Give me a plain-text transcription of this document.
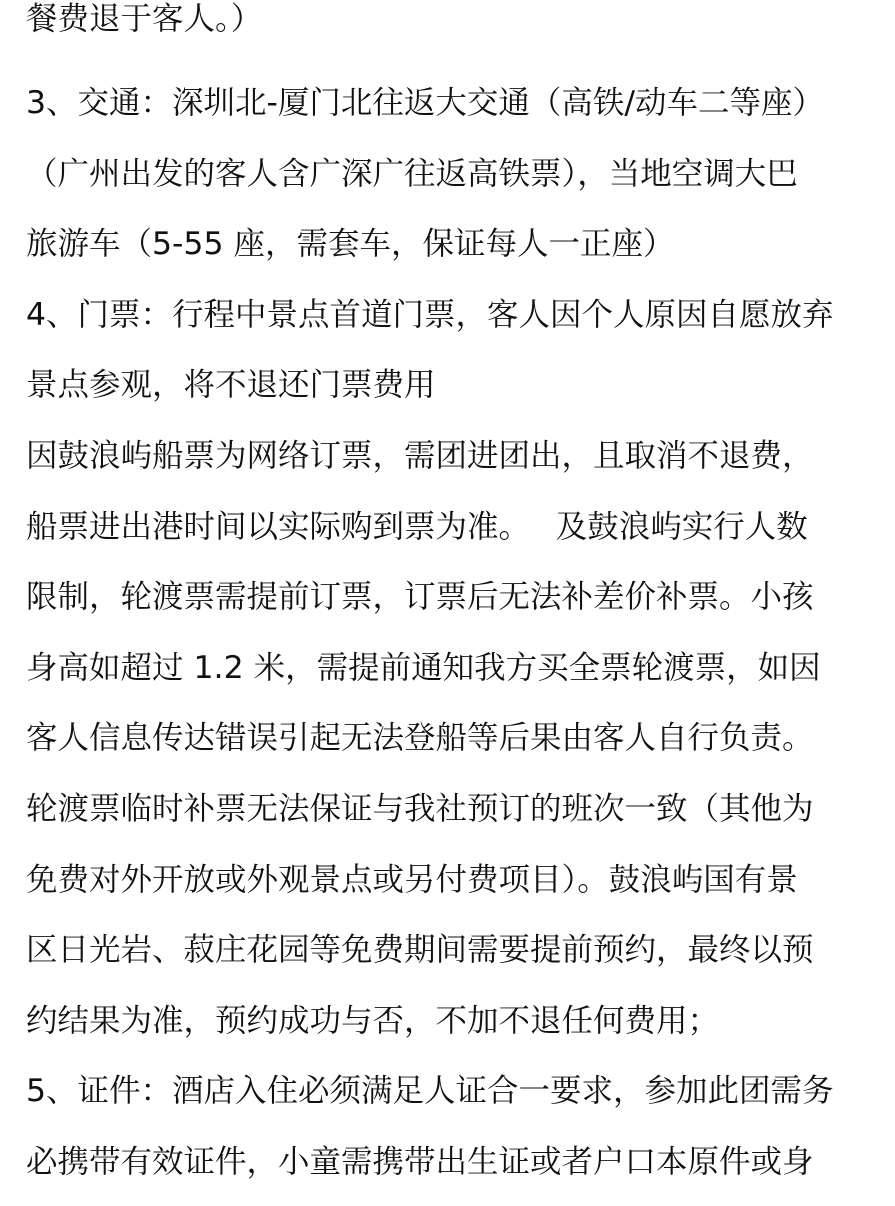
餐费退于客人。）
3、交通：深圳北-厦门北往返大交通（高铁/动车二等座）
（广州出发的客人含广深广往返高铁票），当地空调大巴
旅游车（5-55 座，需套车，保证每人一正座）
4、门票：行程中景点首道门票，客人因个人原因自愿放弃
景点参观，将不退还门票费用
因鼓浪屿船票为网络订票，需团进团出，且取消不退费，
船票进出港时间以实际购到票为准。　 及鼓浪屿实行人数
限制，轮渡票需提前订票，订票后无法补差价补票。小孩
身高如超过 1.2 米，需提前通知我方买全票轮渡票，如因
客人信息传达错误引起无法登船等后果由客人自行负责。
轮渡票临时补票无法保证与我社预订的班次一致（其他为
免费对外开放或外观景点或另付费项目）。鼓浪屿国有景
区日光岩、菽庄花园等免费期间需要提前预约，最终以预
约结果为准，预约成功与否，不加不退任何费用；
5、证件：酒店入住必须满足人证合一要求，参加此团需务
必携带有效证件，小童需携带出生证或者户口本原件或身
